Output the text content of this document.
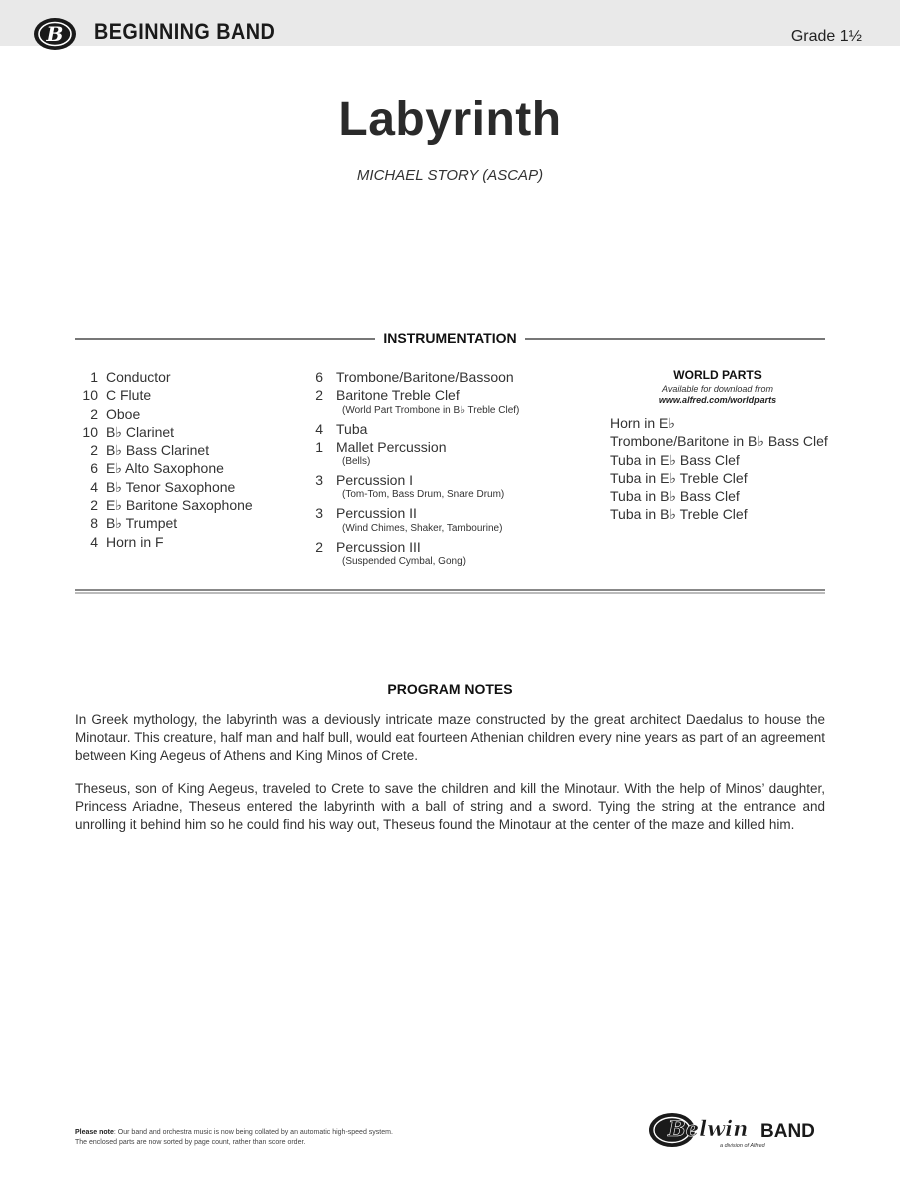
B BEGINNING BAND	Grade 1½
Labyrinth
MICHAEL STORY (ASCAP)
INSTRUMENTATION
1 Conductor
10 C Flute
2 Oboe
10 B♭ Clarinet
2 B♭ Bass Clarinet
6 E♭ Alto Saxophone
4 B♭ Tenor Saxophone
2 E♭ Baritone Saxophone
8 B♭ Trumpet
4 Horn in F
6 Trombone/Baritone/Bassoon
2 Baritone Treble Clef
(World Part Trombone in B♭ Treble Clef)
4 Tuba
1 Mallet Percussion
(Bells)
3 Percussion I
(Tom-Tom, Bass Drum, Snare Drum)
3 Percussion II
(Wind Chimes, Shaker, Tambourine)
2 Percussion III
(Suspended Cymbal, Gong)
WORLD PARTS
Available for download from
www.alfred.com/worldparts
Horn in E♭
Trombone/Baritone in B♭ Bass Clef
Tuba in E♭ Bass Clef
Tuba in E♭ Treble Clef
Tuba in B♭ Bass Clef
Tuba in B♭ Treble Clef
PROGRAM NOTES
In Greek mythology, the labyrinth was a deviously intricate maze constructed by the great architect Daedalus to house the Minotaur. This creature, half man and half bull, would eat fourteen Athenian children every nine years as part of an agreement between King Aegeus of Athens and King Minos of Crete.
Theseus, son of King Aegeus, traveled to Crete to save the children and kill the Minotaur. With the help of Minos’ daughter, Princess Ariadne, Theseus entered the labyrinth with a ball of string and a sword. Tying the string at the entrance and unrolling it behind him so he could find his way out, Theseus found the Minotaur at the center of the maze and killed him.
Please note: Our band and orchestra music is now being collated by an automatic high-speed system.
The enclosed parts are now sorted by page count, rather than score order.
Belwin BAND
a division of Alfred
